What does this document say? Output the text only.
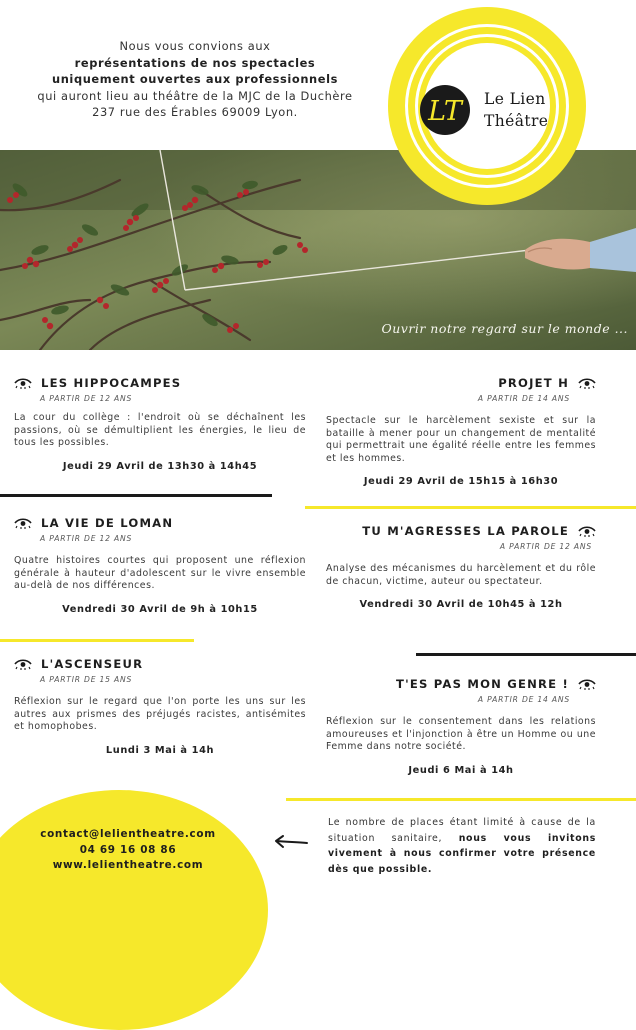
Nous vous convions aux
représentations de nos spectacles
uniquement ouvertes aux professionnels
qui auront lieu au théâtre de la MJC de la Duchère
237 rue des Érables 69009 Lyon.	LT Le Lien
Théâtre
Ouvrir notre regard sur le monde ...
LES HIPPOCAMPES
A PARTIR DE 12 ANS
La cour du collège : l'endroit où se déchaînent les passions, où se démultiplient les énergies, le lieu de tous les possibles.
Jeudi 29 Avril de 13h30 à 14h45
PROJET H
A PARTIR DE 14 ANS
Spectacle sur le harcèlement sexiste et sur la bataille à mener pour un changement de mentalité qui permettrait une égalité réelle entre les femmes et les hommes.
Jeudi 29 Avril de 15h15 à 16h30
LA VIE DE LOMAN
A PARTIR DE 12 ANS
Quatre histoires courtes qui proposent une réflexion générale à hauteur d'adolescent sur le vivre ensemble au-delà de nos différences.
Vendredi 30 Avril de 9h à 10h15
TU M'AGRESSES LA PAROLE
A PARTIR DE 12 ANS
Analyse des mécanismes du harcèlement et du rôle de chacun, victime, auteur ou spectateur.
Vendredi 30 Avril de 10h45 à 12h
L'ASCENSEUR
A PARTIR DE 15 ANS
Réflexion sur le regard que l'on porte les uns sur les autres aux prismes des préjugés racistes, antisémites et homophobes.
Lundi 3 Mai à 14h
T'ES PAS MON GENRE !
A PARTIR DE 14 ANS
Réflexion sur le consentement dans les relations amoureuses et l'injonction à être un Homme ou une Femme dans notre société.
Jeudi 6 Mai à 14h
contact@lelientheatre.com
04 69 16 08 86
www.lelientheatre.com
Le nombre de places étant limité à cause de la situation sanitaire, nous vous invitons vivement à nous confirmer votre présence dès que possible.
